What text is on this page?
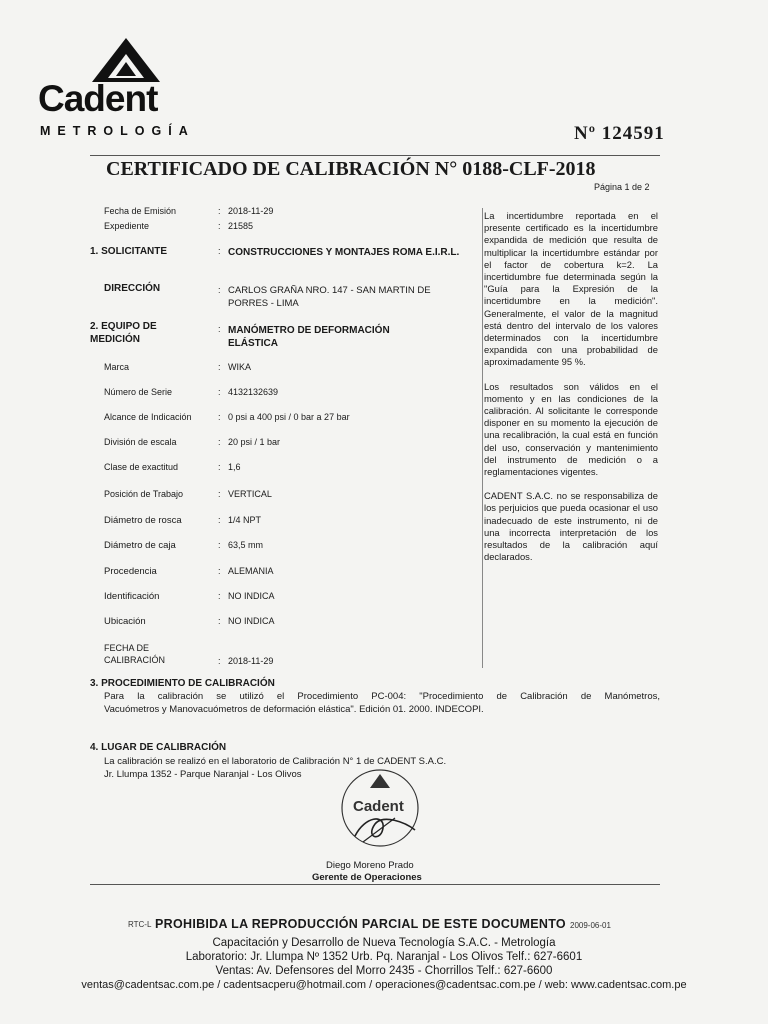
Cadent
METROLOGÍA	Nº 124591
CERTIFICADO DE CALIBRACIÓN N° 0188-CLF-2018
Página 1 de 2
Fecha de Emisión	: 2018-11-29
Expediente	: 21585
1. SOLICITANTE	: CONSTRUCCIONES Y MONTAJES ROMA E.I.R.L.
DIRECCIÓN	: CARLOS GRAÑA NRO. 147 - SAN MARTIN DE PORRES - LIMA
2. EQUIPO DE MEDICIÓN
: MANÓMETRO DE DEFORMACIÓN ELÁSTICA
Marca	: WIKA
Número de Serie	: 4132132639
Alcance de Indicación	: 0 psi a 400 psi / 0 bar a 27 bar
División de escala	: 20 psi / 1 bar
Clase de exactitud	: 1,6
Posición de Trabajo	: VERTICAL
Diámetro de rosca	: 1/4 NPT
Diámetro de caja	: 63,5 mm
Procedencia	: ALEMANIA
Identificación	: NO INDICA
Ubicación	: NO INDICA
FECHA DE CALIBRACIÓN	: 2018-11-29

La incertidumbre reportada en el presente certificado es la incertidumbre expandida de medición que resulta de multiplicar la incertidumbre estándar por el factor de cobertura k=2. La incertidumbre fue determinada según la "Guía para la Expresión de la incertidumbre en la medición". Generalmente, el valor de la magnitud está dentro del intervalo de los valores determinados con la incertidumbre expandida con una probabilidad de aproximadamente 95 %.

Los resultados son válidos en el momento y en las condiciones de la calibración. Al solicitante le corresponde disponer en su momento la ejecución de una recalibración, la cual está en función del uso, conservación y mantenimiento del instrumento de medición o a reglamentaciones vigentes.

CADENT S.A.C. no se responsabiliza de los perjuicios que pueda ocasionar el uso inadecuado de este instrumento, ni de una incorrecta interpretación de los resultados de la calibración aquí declarados.

3. PROCEDIMIENTO DE CALIBRACIÓN
Para la calibración se utilizó el Procedimiento PC-004: "Procedimiento de Calibración de Manómetros,
Vacuómetros y Manovacuómetros de deformación elástica". Edición 01. 2000. INDECOPI.
4. LUGAR DE CALIBRACIÓN
La calibración se realizó en el laboratorio de Calibración N° 1 de CADENT S.A.C.
Jr. Llumpa 1352 - Parque Naranjal - Los Olivos
Cadent
Diego Moreno Prado
Gerente de Operaciones
RTC-L	2009-06-01
PROHIBIDA LA REPRODUCCIÓN PARCIAL DE ESTE DOCUMENTO
Capacitación y Desarrollo de Nueva Tecnología S.A.C. - Metrología
Laboratorio: Jr. Llumpa Nº 1352 Urb. Pq. Naranjal - Los Olivos Telf.: 627-6601
Ventas: Av. Defensores del Morro 2435 - Chorrillos Telf.: 627-6600
ventas@cadentsac.com.pe / cadentsacperu@hotmail.com / operaciones@cadentsac.com.pe / web: www.cadentsac.com.pe
